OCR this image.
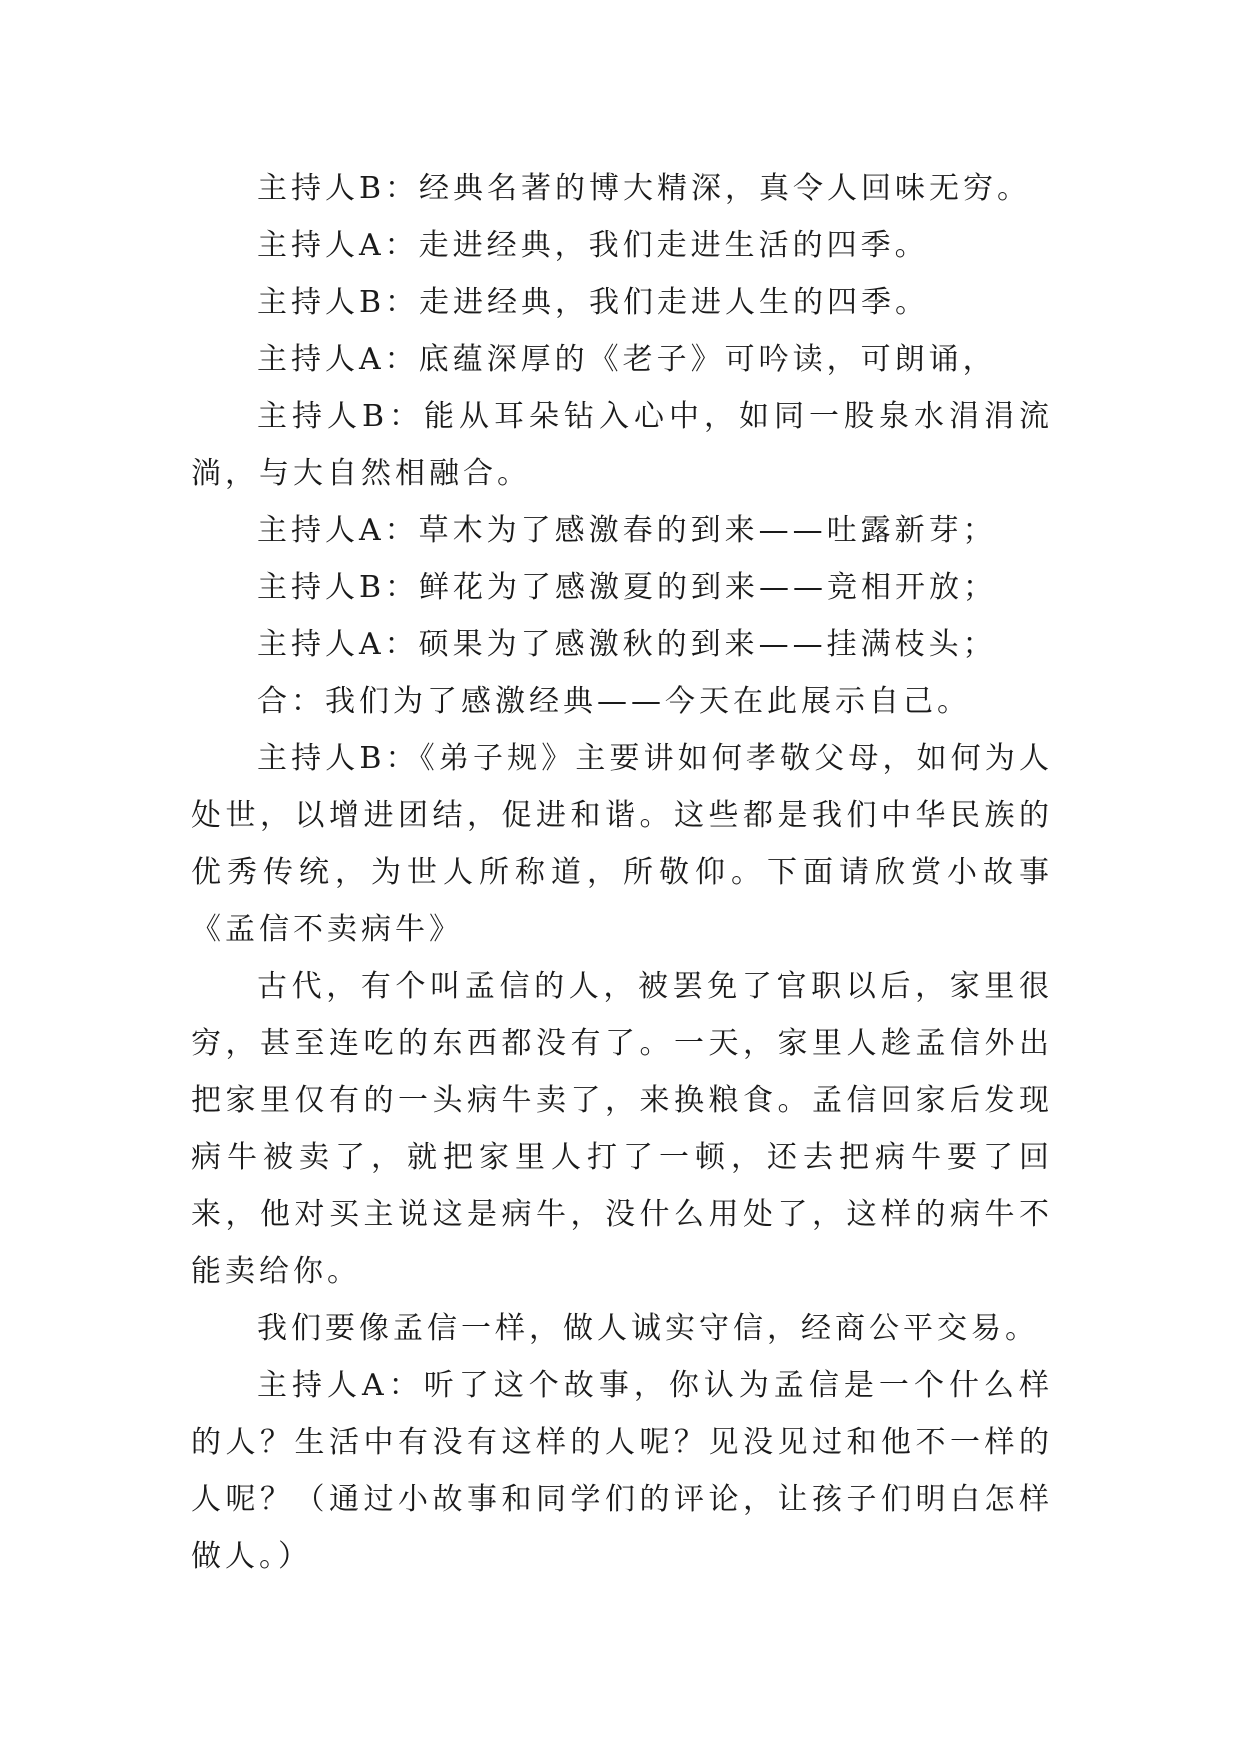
主持人B：经典名著的博大精深，真令人回味无穷。

主持人A：走进经典，我们走进生活的四季。

主持人B：走进经典，我们走进人生的四季。

主持人A：底蕴深厚的《老子》可吟读，可朗诵，

主持人B：能从耳朵钻入心中，如同一股泉水涓涓流淌，与大自然相融合。

主持人A：草木为了感激春的到来——吐露新芽；

主持人B：鲜花为了感激夏的到来——竞相开放；

主持人A：硕果为了感激秋的到来——挂满枝头；

合：我们为了感激经典——今天在此展示自己。

主持人B：《弟子规》主要讲如何孝敬父母，如何为人处世，以增进团结，促进和谐。这些都是我们中华民族的优秀传统，为世人所称道，所敬仰。下面请欣赏小故事《孟信不卖病牛》

古代，有个叫孟信的人，被罢免了官职以后，家里很穷，甚至连吃的东西都没有了。一天，家里人趁孟信外出把家里仅有的一头病牛卖了，来换粮食。孟信回家后发现病牛被卖了，就把家里人打了一顿，还去把病牛要了回来，他对买主说这是病牛，没什么用处了，这样的病牛不能卖给你。

我们要像孟信一样，做人诚实守信，经商公平交易。

主持人A：听了这个故事，你认为孟信是一个什么样的人？生活中有没有这样的人呢？见没见过和他不一样的人呢？（通过小故事和同学们的评论，让孩子们明白怎样做人。）
